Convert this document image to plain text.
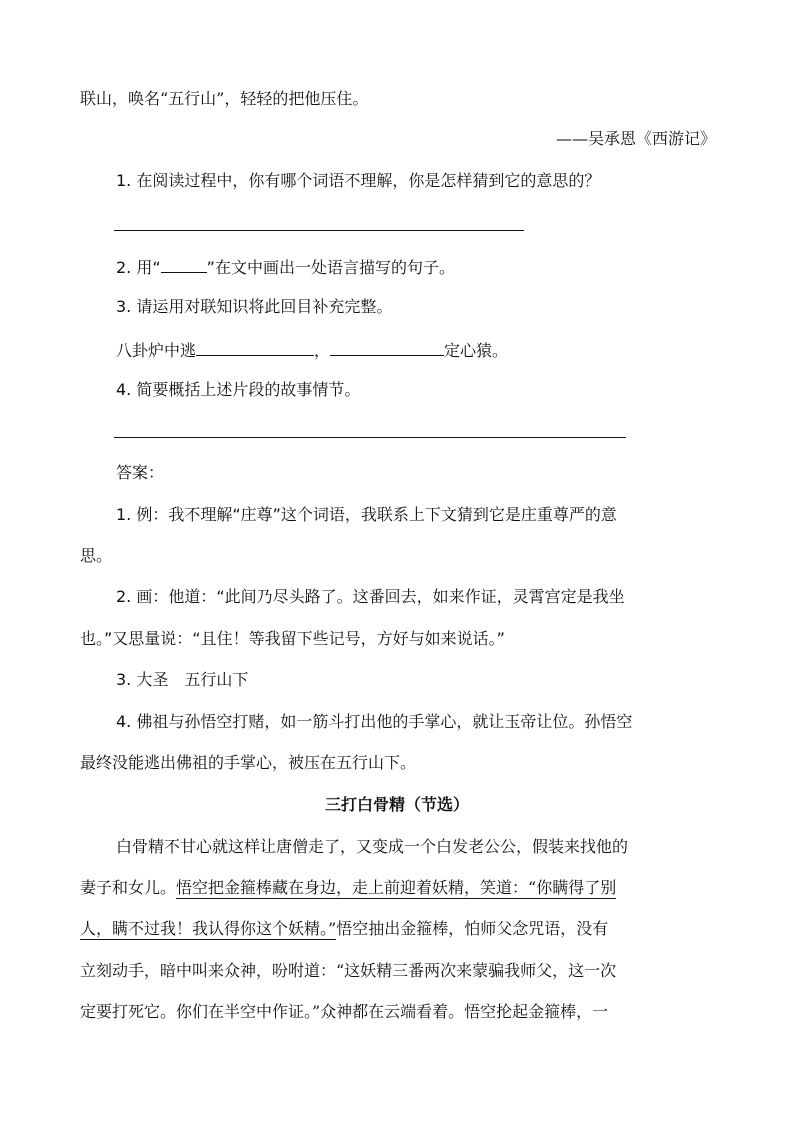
联山，唤名“五行山”，轻轻的把他压住。
——吴承恩《西游记》
1. 在阅读过程中，你有哪个词语不理解，你是怎样猜到它的意思的？
2. 用“	”在文中画出一处语言描写的句子。
3. 请运用对联知识将此回目补充完整。
八卦炉中逃	，	定心猿。
4. 简要概括上述片段的故事情节。
答案：
1. 例：我不理解“庄尊”这个词语，我联系上下文猜到它是庄重尊严的意
思。
2. 画：他道：“此间乃尽头路了。这番回去，如来作证，灵霄宫定是我坐
也。”又思量说：“且住！等我留下些记号，方好与如来说话。”
3. 大圣　五行山下
4. 佛祖与孙悟空打赌，如一筋斗打出他的手掌心，就让玉帝让位。孙悟空
最终没能逃出佛祖的手掌心，被压在五行山下。
三打白骨精（节选）
白骨精不甘心就这样让唐僧走了，又变成一个白发老公公，假装来找他的
妻子和女儿。悟空把金箍棒藏在身边，走上前迎着妖精，笑道：“你瞒得了别
人，瞒不过我！我认得你这个妖精。”悟空抽出金箍棒，怕师父念咒语，没有
立刻动手，暗中叫来众神，吩咐道：“这妖精三番两次来蒙骗我师父，这一次
定要打死它。你们在半空中作证。”众神都在云端看着。悟空抡起金箍棒，一
